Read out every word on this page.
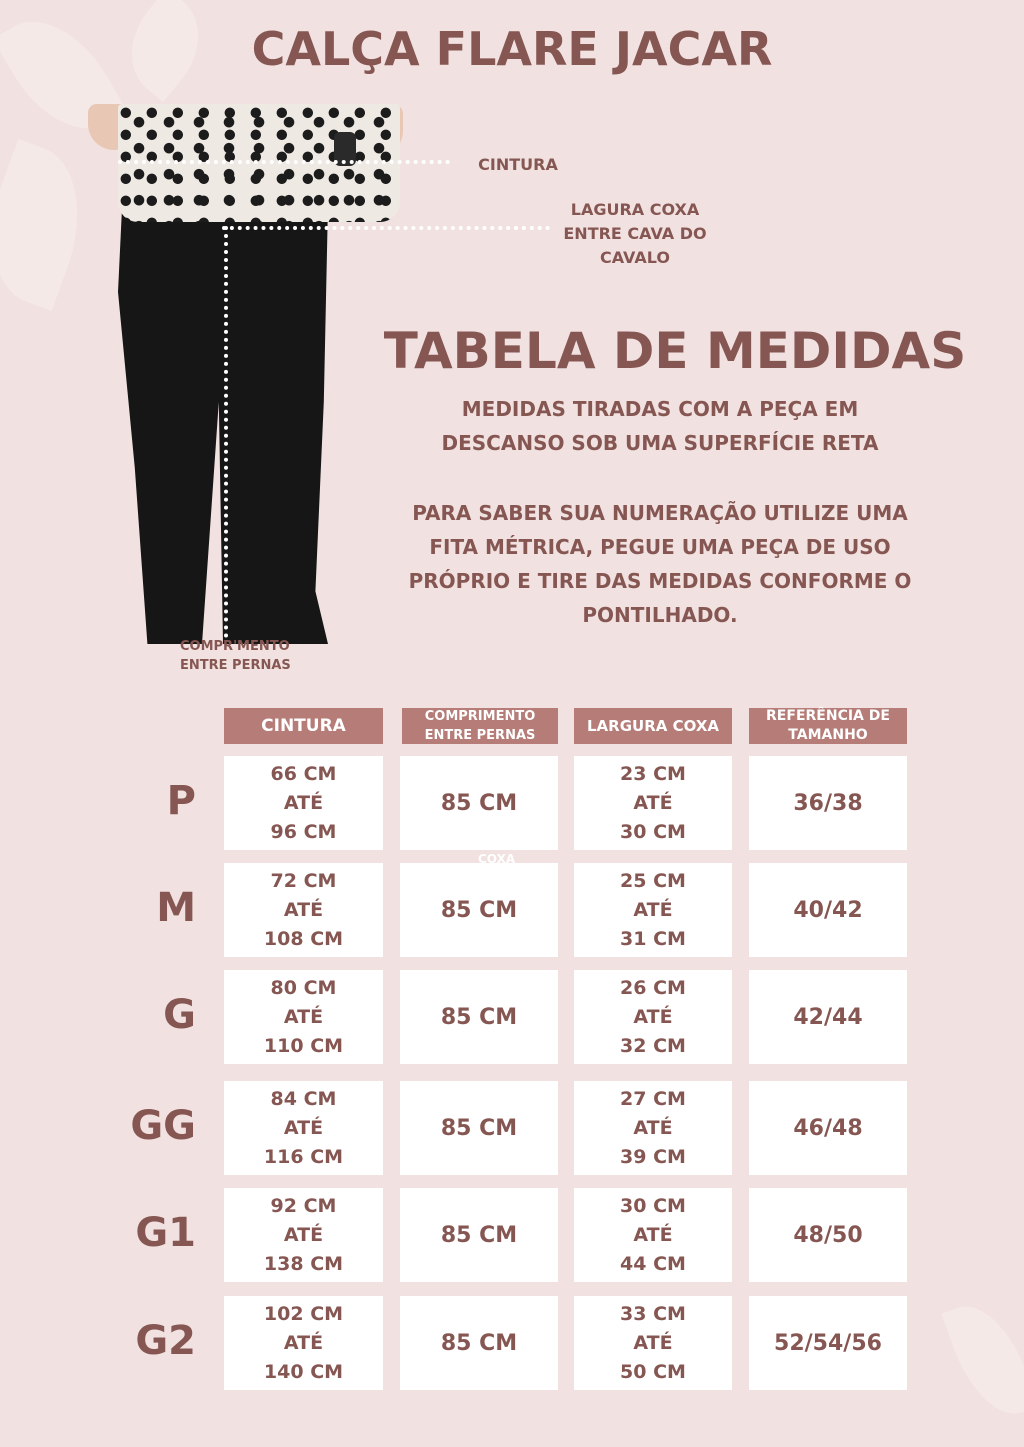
CALÇA FLARE JACAR
CINTURA
LAGURA COXA
ENTRE CAVA DO
CAVALO
COMPR'MENTO
ENTRE PERNAS
TABELA DE MEDIDAS
MEDIDAS TIRADAS COM A PEÇA EM
DESCANSO SOB UMA SUPERFÍCIE RETA
PARA SABER SUA NUMERAÇÃO UTILIZE UMA
FITA MÉTRICA, PEGUE UMA PEÇA DE USO
PRÓPRIO E TIRE DAS MEDIDAS CONFORME O
PONTILHADO.
CINTURA	COMPRIMENTO
ENTRE PERNAS
LARGURA COXA
REFERÊNCIA DE
TAMANHO
P
66 CM
ATÉ
96 CM
85 CM
23 CM
ATÉ
30 CM
36/38
M
72 CM
ATÉ
108 CM
85 CM
25 CM
ATÉ
31 CM
40/42
G
80 CM
ATÉ
110 CM
85 CM
26 CM
ATÉ
32 CM
42/44
GG
84 CM
ATÉ
116 CM
85 CM
27 CM
ATÉ
39 CM
46/48
G1
92 CM
ATÉ
138 CM
85 CM
30 CM
ATÉ
44 CM
48/50
G2
102 CM
ATÉ
140 CM
85 CM
33 CM
ATÉ
50 CM
52/54/56
COXA
